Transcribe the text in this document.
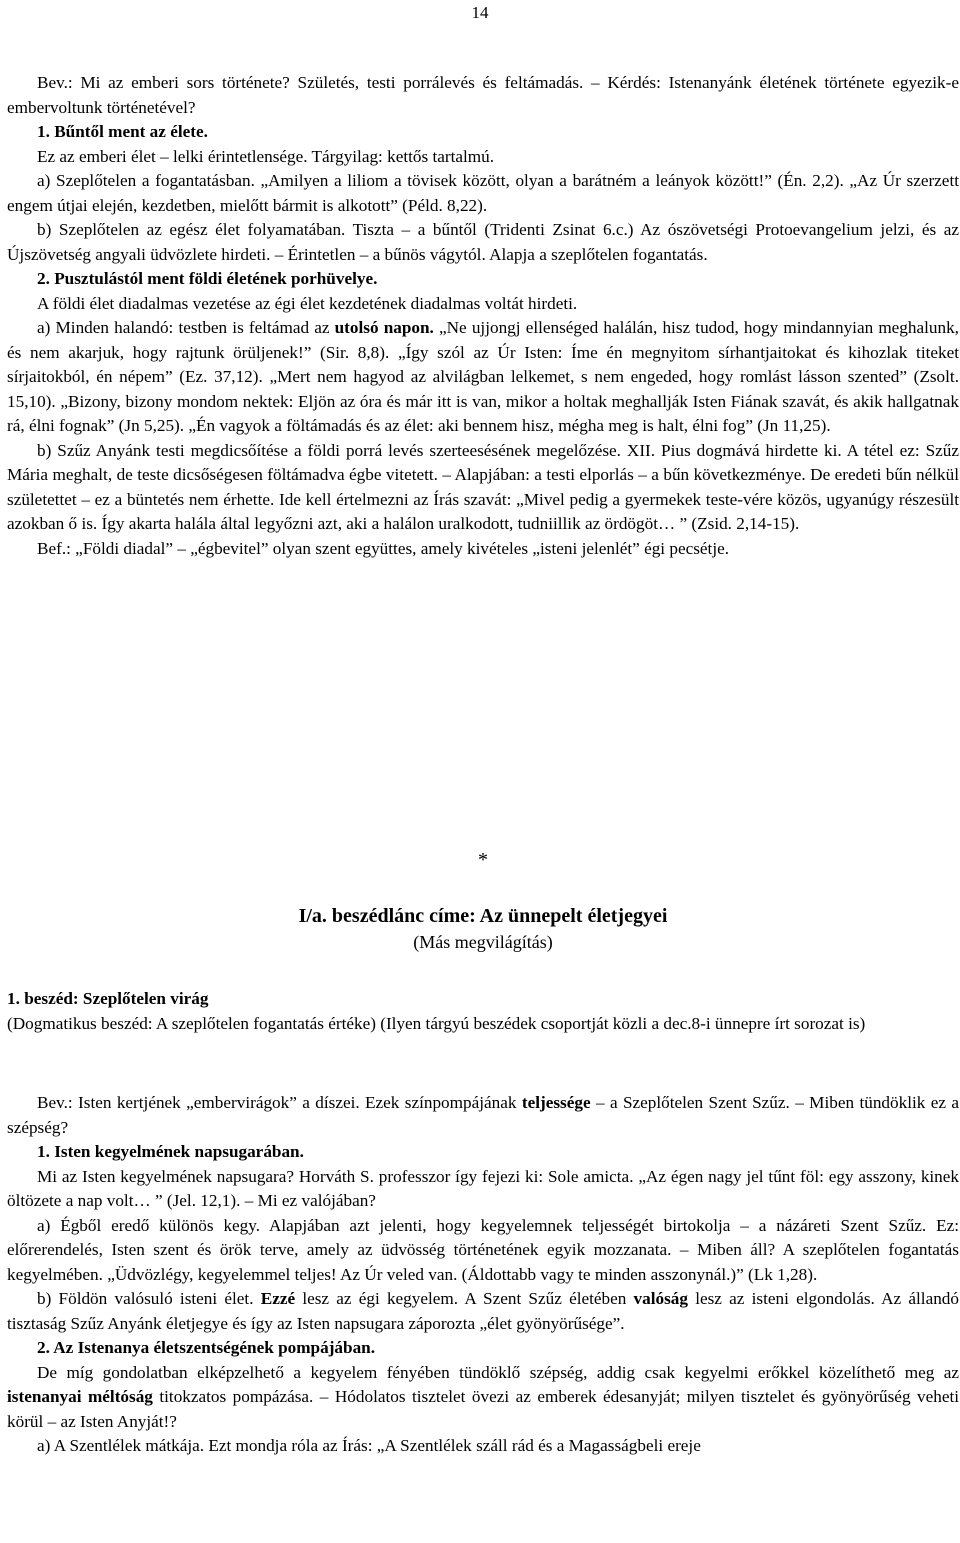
14

Bev.: Mi az emberi sors története? Születés, testi porrálevés és feltámadás. – Kérdés: Istenanyánk életének története egyezik-e embervoltunk történetével?

1. Bűntől ment az élete.

Ez az emberi élet – lelki érintetlensége. Tárgyilag: kettős tartalmú.

a) Szeplőtelen a fogantatásban. „Amilyen a liliom a tövisek között, olyan a barátném a leányok között!” (Én. 2,2). „Az Úr szerzett engem útjai elején, kezdetben, mielőtt bármit is alkotott” (Péld. 8,22).

b) Szeplőtelen az egész élet folyamatában. Tiszta – a bűntől (Tridenti Zsinat 6.c.) Az ószövetségi Protoevangelium jelzi, és az Újszövetség angyali üdvözlete hirdeti. – Érintetlen – a bűnös vágytól. Alapja a szeplőtelen fogantatás.

2. Pusztulástól ment földi életének porhüvelye.

A földi élet diadalmas vezetése az égi élet kezdetének diadalmas voltát hirdeti.

a) Minden halandó: testben is feltámad az utolsó napon. „Ne ujjongj ellenséged halálán, hisz tudod, hogy mindannyian meghalunk, és nem akarjuk, hogy rajtunk örüljenek!” (Sir. 8,8). „Így szól az Úr Isten: Íme én megnyitom sírhantjaitokat és kihozlak titeket sírjaitokból, én népem” (Ez. 37,12). „Mert nem hagyod az alvilágban lelkemet, s nem engeded, hogy romlást lásson szented” (Zsolt. 15,10). „Bizony, bizony mondom nektek: Eljön az óra és már itt is van, mikor a holtak meghallják Isten Fiának szavát, és akik hallgatnak rá, élni fognak” (Jn 5,25). „Én vagyok a föltámadás és az élet: aki bennem hisz, mégha meg is halt, élni fog” (Jn 11,25).

b) Szűz Anyánk testi megdicsőítése a földi porrá levés szerteesésének megelőzése. XII. Pius dogmává hirdette ki. A tétel ez: Szűz Mária meghalt, de teste dicsőségesen föltámadva égbe vitetett. – Alapjában: a testi elporlás – a bűn következménye. De eredeti bűn nélkül születettet – ez a büntetés nem érhette. Ide kell értelmezni az Írás szavát: „Mivel pedig a gyermekek teste-vére közös, ugyanúgy részesült azokban ő is. Így akarta halála által legyőzni azt, aki a halálon uralkodott, tudniillik az ördögöt… ” (Zsid. 2,14-15).

Bef.: „Földi diadal” – „égbevitel” olyan szent együttes, amely kivételes „isteni jelenlét” égi pecsétje.

*
I/a. beszédlánc címe: Az ünnepelt életjegyei
(Más megvilágítás)
1. beszéd: Szeplőtelen virág

(Dogmatikus beszéd: A szeplőtelen fogantatás értéke) (Ilyen tárgyú beszédek csoportját közli a dec.8-i ünnepre írt sorozat is)

Bev.: Isten kertjének „embervirágok” a díszei. Ezek színpompájának teljessége – a Szeplőtelen Szent Szűz. – Miben tündöklik ez a szépség?

1. Isten kegyelmének napsugarában.

Mi az Isten kegyelmének napsugara? Horváth S. professzor így fejezi ki: Sole amicta. „Az égen nagy jel tűnt föl: egy asszony, kinek öltözete a nap volt… ” (Jel. 12,1). – Mi ez valójában?

a) Égből eredő különös kegy. Alapjában azt jelenti, hogy kegyelemnek teljességét birtokolja – a názáreti Szent Szűz. Ez: előrerendelés, Isten szent és örök terve, amely az üdvösség történetének egyik mozzanata. – Miben áll? A szeplőtelen fogantatás kegyelmében. „Üdvözlégy, kegyelemmel teljes! Az Úr veled van. (Áldottabb vagy te minden asszonynál.)” (Lk 1,28).

b) Földön valósuló isteni élet. Ezzé lesz az égi kegyelem. A Szent Szűz életében valóság lesz az isteni elgondolás. Az állandó tisztaság Szűz Anyánk életjegye és így az Isten napsugara záporozta „élet gyönyörűsége”.

2. Az Istenanya életszentségének pompájában.

De míg gondolatban elképzelhető a kegyelem fényében tündöklő szépség, addig csak kegyelmi erőkkel közelíthető meg az istenanyai méltóság titokzatos pompázása. – Hódolatos tisztelet övezi az emberek édesanyját; milyen tisztelet és gyönyörűség veheti körül – az Isten Anyját!?

a) A Szentlélek mátkája. Ezt mondja róla az Írás: „A Szentlélek száll rád és a Magasságbeli ereje
